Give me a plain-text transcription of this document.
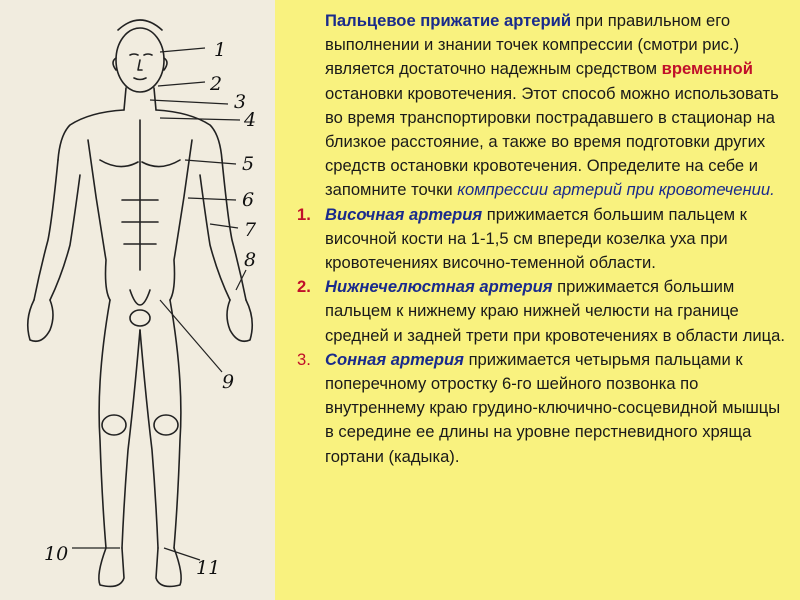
1
2
3
4
5
6
7
8
9
10
11

Пальцевое прижатие артерий при правильном его выполнении и знании точек компрессии (смотри рис.) является достаточно надежным средством временной остановки кровотечения. Этот способ можно использовать во время транспортировки пострадавшего в стационар на близкое расстояние, а также во время подготовки других средств остановки кровотечения. Определите на себе и запомните точки компрессии артерий при кровотечении.

1. Височная артерия прижимается большим пальцем к височной кости на 1-1,5 см впереди козелка уха при кровотечениях височно-теменной области.

2. Нижнечелюстная артерия прижимается большим пальцем к нижнему краю нижней челюсти на границе средней и задней трети при кровотечениях в области лица.

3. Сонная артерия прижимается четырьмя пальцами к поперечному отростку 6-го шейного позвонка по внутреннему краю грудино-ключично-сосцевидной мышцы в середине ее длины на уровне перстневидного хряща гортани (кадыка).
